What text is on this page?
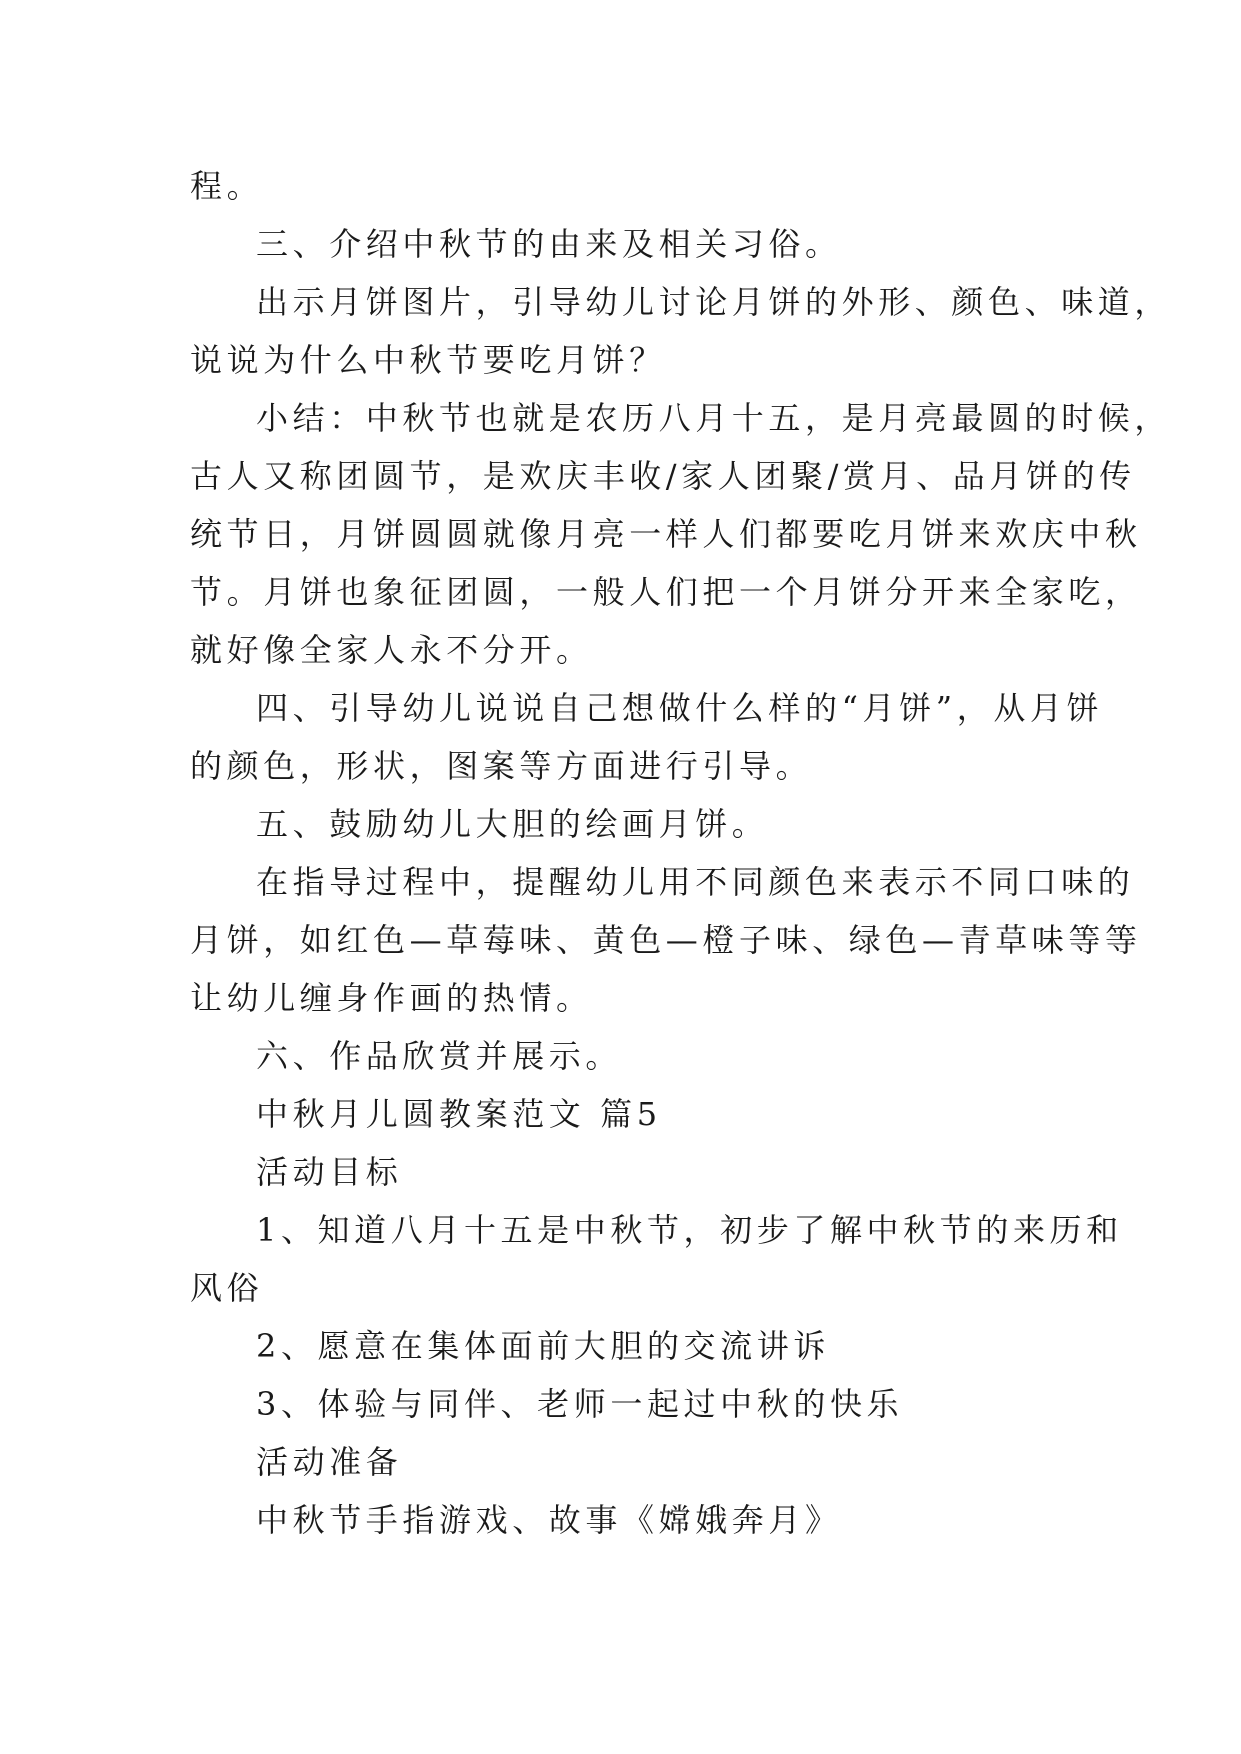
程。
三、介绍中秋节的由来及相关习俗。
出示月饼图片，引导幼儿讨论月饼的外形、颜色、味道，
说说为什么中秋节要吃月饼？
小结：中秋节也就是农历八月十五，是月亮最圆的时候，
古人又称团圆节，是欢庆丰收/家人团聚/赏月、品月饼的传
统节日，月饼圆圆就像月亮一样人们都要吃月饼来欢庆中秋
节。月饼也象征团圆，一般人们把一个月饼分开来全家吃，
就好像全家人永不分开。
四、引导幼儿说说自己想做什么样的“月饼”，从月饼
的颜色，形状，图案等方面进行引导。
五、鼓励幼儿大胆的绘画月饼。
在指导过程中，提醒幼儿用不同颜色来表示不同口味的
月饼，如红色—草莓味、黄色—橙子味、绿色—青草味等等
让幼儿缠身作画的热情。
六、作品欣赏并展示。
中秋月儿圆教案范文 篇5
活动目标
1、知道八月十五是中秋节，初步了解中秋节的来历和
风俗
2、愿意在集体面前大胆的交流讲诉
3、体验与同伴、老师一起过中秋的快乐
活动准备
中秋节手指游戏、故事《嫦娥奔月》
